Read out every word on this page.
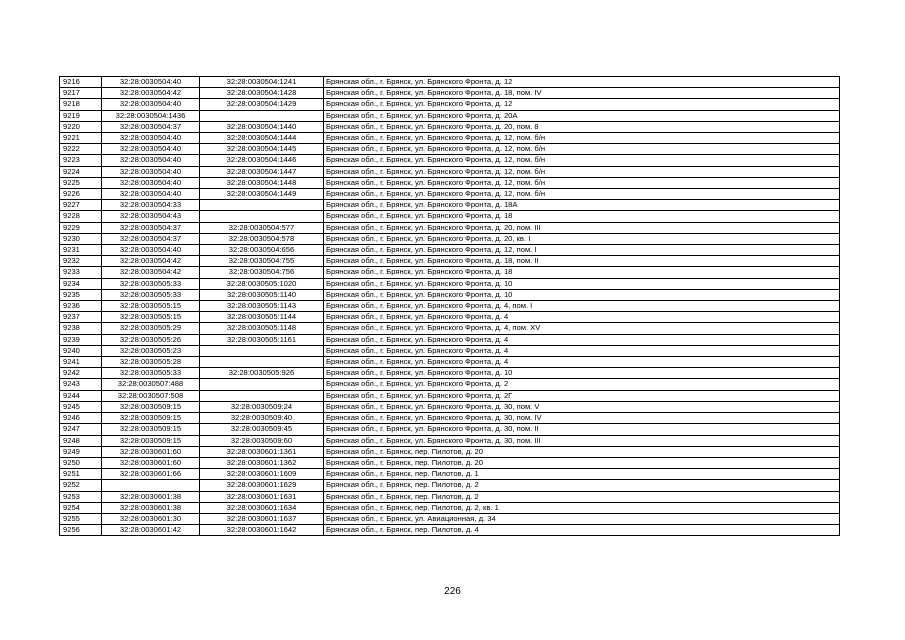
9216	32:28:0030504:40	32:28:0030504:1241	Брянская обл., г. Брянск, ул. Брянского Фронта, д. 12
9217	32:28:0030504:42	32:28:0030504:1428	Брянская обл., г. Брянск, ул. Брянского Фронта, д. 18, пом. IV
9218	32:28:0030504:40	32:28:0030504:1429	Брянская обл., г. Брянск, ул. Брянского Фронта, д. 12
9219	32:28:0030504:1436		Брянская обл., г. Брянск, ул. Брянского Фронта, д. 20А
9220	32:28:0030504:37	32:28:0030504:1440	Брянская обл., г. Брянск, ул. Брянского Фронта, д. 20, пом. 8
9221	32:28:0030504:40	32:28:0030504:1444	Брянская обл., г. Брянск, ул. Брянского Фронта, д. 12, пом. б/н
9222	32:28:0030504:40	32:28:0030504:1445	Брянская обл., г. Брянск, ул. Брянского Фронта, д. 12, пом. б/н
9223	32:28:0030504:40	32:28:0030504:1446	Брянская обл., г. Брянск, ул. Брянского Фронта, д. 12, пом. б/н
9224	32:28:0030504:40	32:28:0030504:1447	Брянская обл., г. Брянск, ул. Брянского Фронта, д. 12, пом. б/н
9225	32:28:0030504:40	32:28:0030504:1448	Брянская обл., г. Брянск, ул. Брянского Фронта, д. 12, пом. б/н
9226	32:28:0030504:40	32:28:0030504:1449	Брянская обл., г. Брянск, ул. Брянского Фронта, д. 12, пом. б/н
9227	32:28:0030504:33		Брянская обл., г. Брянск, ул. Брянского Фронта, д. 18А
9228	32:28:0030504:43		Брянская обл., г. Брянск, ул. Брянского Фронта, д. 18
9229	32:28:0030504:37	32:28:0030504:577	Брянская обл., г. Брянск, ул. Брянского Фронта, д. 20, пом. III
9230	32:28:0030504:37	32:28:0030504:578	Брянская обл., г. Брянск, ул. Брянского Фронта, д. 20, кв. I
9231	32:28:0030504:40	32:28:0030504:656	Брянская обл., г. Брянск, ул. Брянского Фронта, д. 12, пом. I
9232	32:28:0030504:42	32:28:0030504:755	Брянская обл., г. Брянск, ул. Брянского Фронта, д. 18, пом. II
9233	32:28:0030504:42	32:28:0030504:756	Брянская обл., г. Брянск, ул. Брянского Фронта, д. 18
9234	32:28:0030505:33	32:28:0030505:1020	Брянская обл., г. Брянск, ул. Брянского Фронта, д. 10
9235	32:28:0030505:33	32:28:0030505:1140	Брянская обл., г. Брянск, ул. Брянского Фронта, д. 10
9236	32:28:0030505:15	32:28:0030505:1143	Брянская обл., г. Брянск, ул. Брянского Фронта, д. 4, пом. I
9237	32:28:0030505:15	32:28:0030505:1144	Брянская обл., г. Брянск, ул. Брянского Фронта, д. 4
9238	32:28:0030505:29	32:28:0030505:1148	Брянская обл., г. Брянск, ул. Брянского Фронта, д. 4, пом. XV
9239	32:28:0030505:26	32:28:0030505:1161	Брянская обл., г. Брянск, ул. Брянского Фронта, д. 4
9240	32:28:0030505:23		Брянская обл., г. Брянск, ул. Брянского Фронта, д. 4
9241	32:28:0030505:28		Брянская обл., г. Брянск, ул. Брянского Фронта, д. 4
9242	32:28:0030505:33	32:28:0030505:926	Брянская обл., г. Брянск, ул. Брянского Фронта, д. 10
9243	32:28:0030507:488		Брянская обл., г. Брянск, ул. Брянского Фронта, д. 2
9244	32:28:0030507:508		Брянская обл., г. Брянск, ул. Брянского Фронта, д. 2Г
9245	32:28:0030509:15	32:28:0030509:24	Брянская обл., г. Брянск, ул. Брянского Фронта, д. 30, пом. V
9246	32:28:0030509:15	32:28:0030509:40	Брянская обл., г. Брянск, ул. Брянского Фронта, д. 30, пом. IV
9247	32:28:0030509:15	32:28:0030509:45	Брянская обл., г. Брянск, ул. Брянского Фронта, д. 30, пом. II
9248	32:28:0030509:15	32:28:0030509:60	Брянская обл., г. Брянск, ул. Брянского Фронта, д. 30, пом. III
9249	32:28:0030601:60	32:28:0030601:1361	Брянская обл., г. Брянск, пер. Пилотов, д. 20
9250	32:28:0030601:60	32:28:0030601:1362	Брянская обл., г. Брянск, пер. Пилотов, д. 20
9251	32:28:0030601:66	32:28:0030601:1609	Брянская обл., г. Брянск, пер. Пилотов, д. 1
9252		32:28:0030601:1629	Брянская обл., г. Брянск, пер. Пилотов, д. 2
9253	32:28:0030601:38	32:28:0030601:1631	Брянская обл., г. Брянск, пер. Пилотов, д. 2
9254	32:28:0030601:38	32:28:0030601:1634	Брянская обл., г. Брянск, пер. Пилотов, д. 2, кв. 1
9255	32:28:0030601:30	32:28:0030601:1637	Брянская обл., г. Брянск, ул. Авиационная, д. 34
9256	32:28:0030601:42	32:28:0030601:1642	Брянская обл., г. Брянск, пер. Пилотов, д. 4
226
